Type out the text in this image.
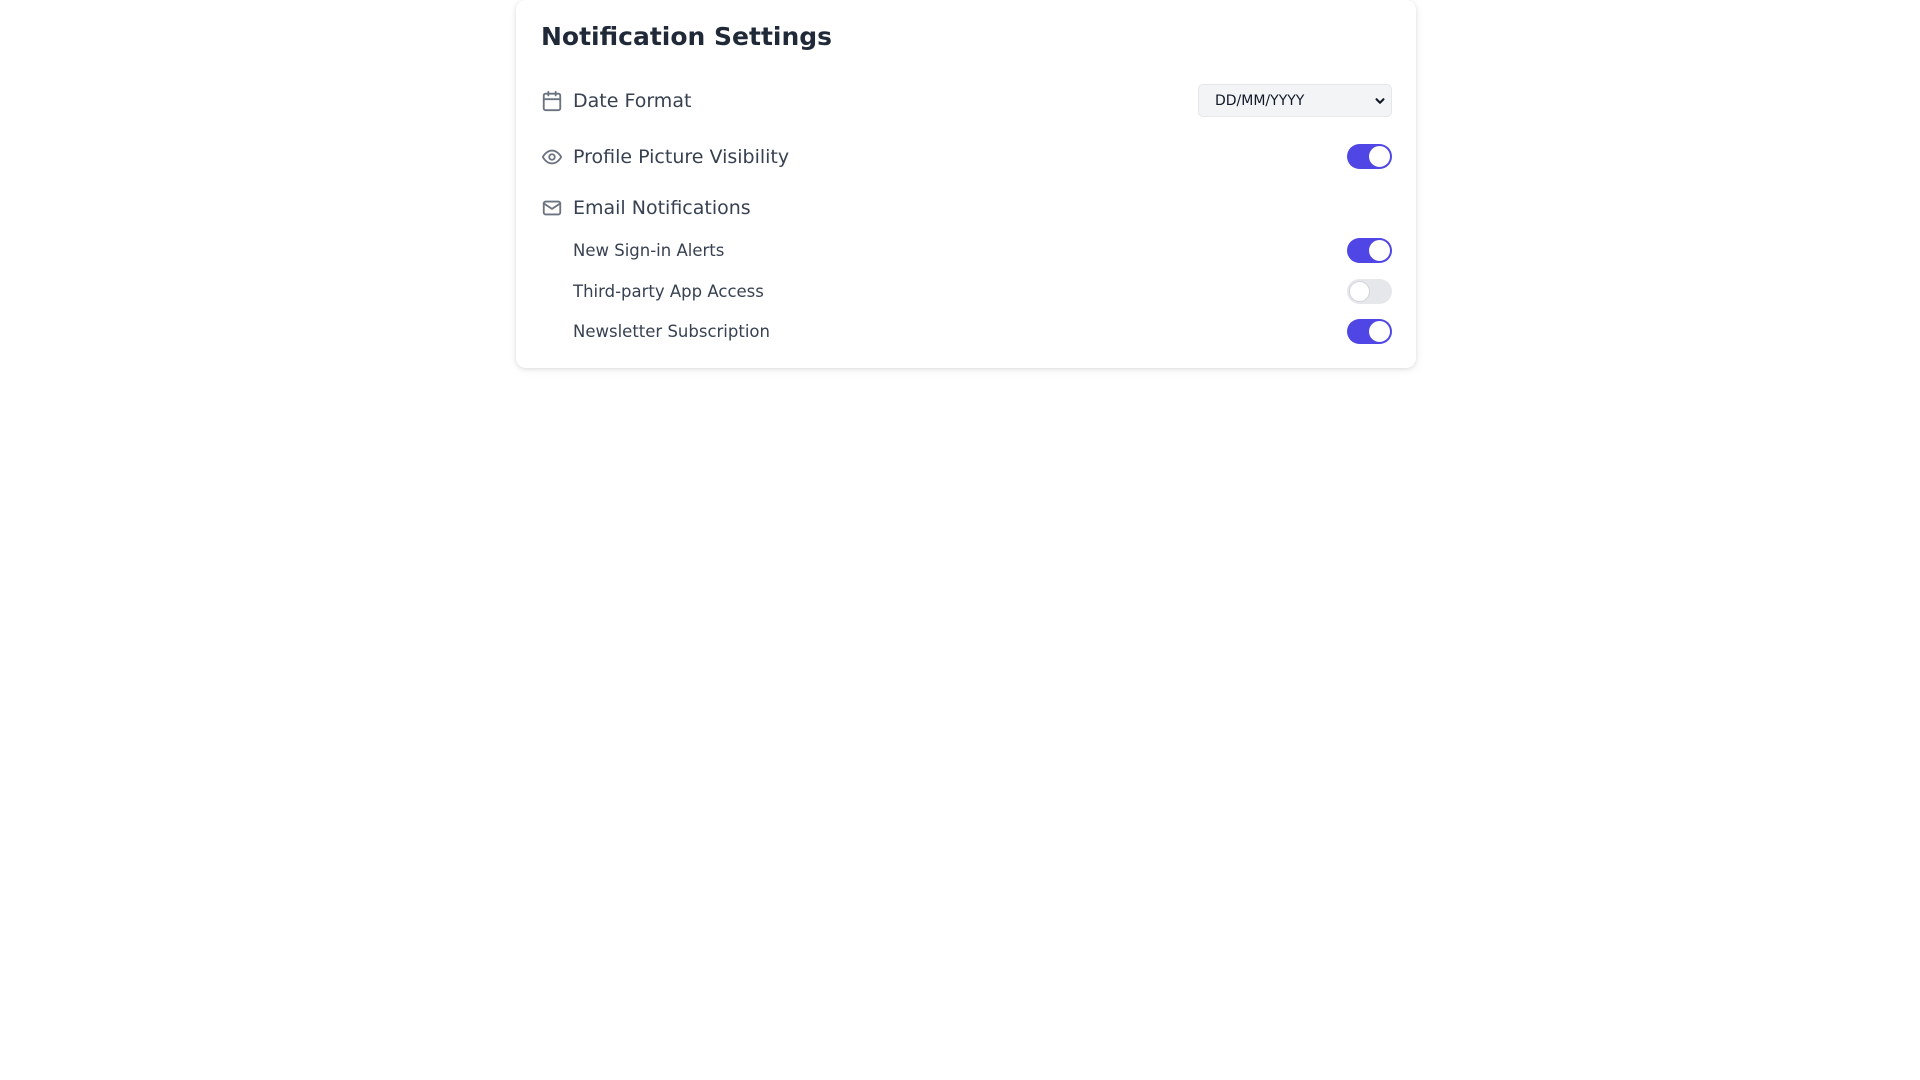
Notification Settings
Date Format	DD/MM/YYYY
Profile Picture Visibility
Email Notifications
New Sign-in Alerts
Third-party App Access
Newsletter Subscription
